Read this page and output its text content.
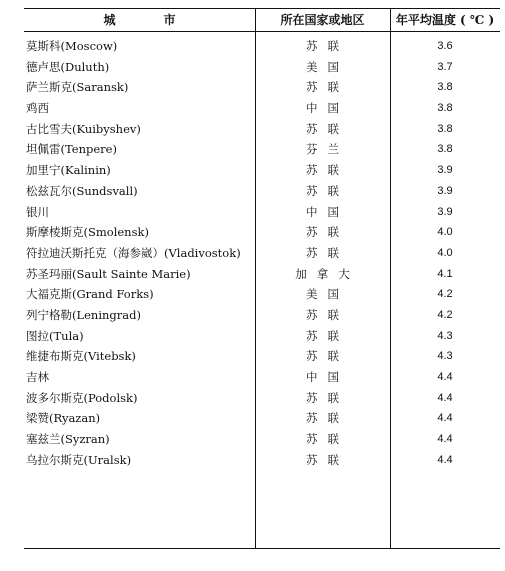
城　市	所在国家或地区	年平均温度 ( ℃ )
莫斯科(Moscow)	苏联	3.6
德卢思(Duluth)	美国	3.7
萨兰斯克(Saransk)	苏联	3.8
鸡西	中国	3.8
古比雪夫(Kuibyshev)	苏联	3.8
坦佩雷(Tenpere)	芬兰	3.8
加里宁(Kalinin)	苏联	3.9
松兹瓦尔(Sundsvall)	苏联	3.9
银川	中国	3.9
斯摩棱斯克(Smolensk)	苏联	4.0
符拉迪沃斯托克（海参崴）(Vladivostok)	苏联	4.0
苏圣玛丽(Sault Sainte Marie)	加拿大	4.1
大福克斯(Grand Forks)	美国	4.2
列宁格勒(Leningrad)	苏联	4.2
图拉(Tula)	苏联	4.3
维捷布斯克(Vitebsk)	苏联	4.3
吉林	中国	4.4
波多尔斯克(Podolsk)	苏联	4.4
梁赞(Ryazan)	苏联	4.4
塞兹兰(Syzran)	苏联	4.4
乌拉尔斯克(Uralsk)	苏联	4.4
